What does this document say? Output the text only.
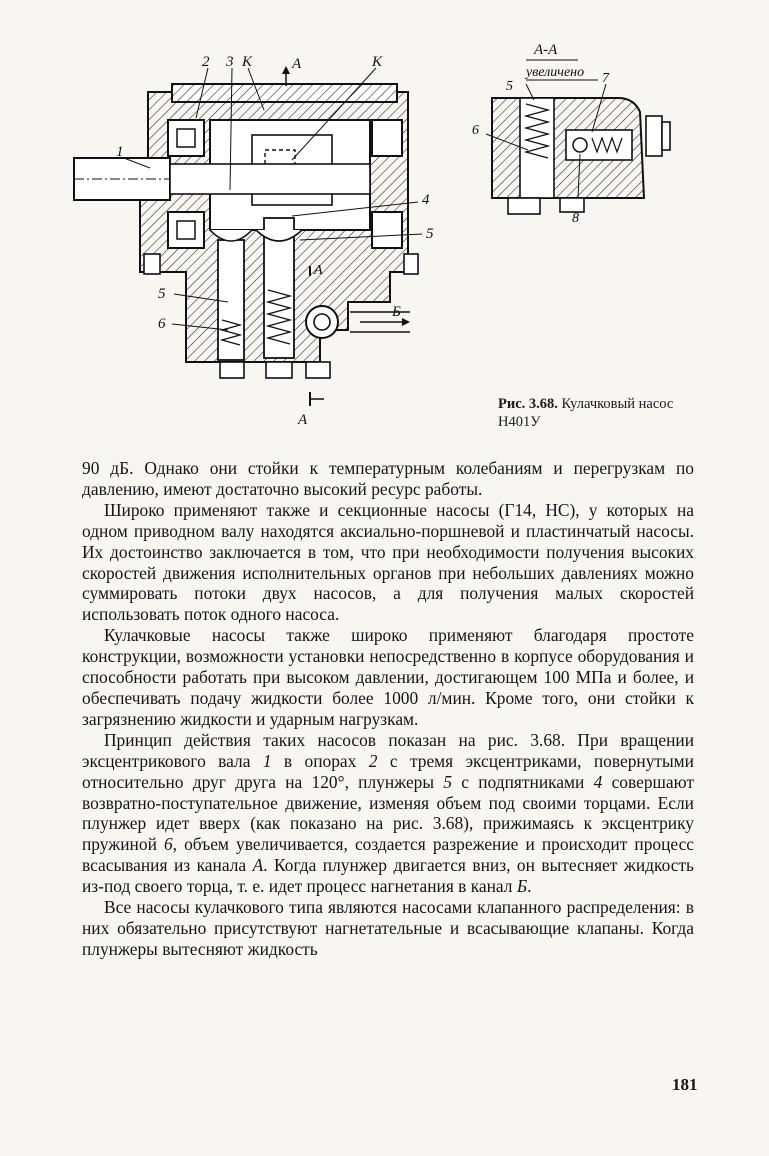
1
2 3 К	А	К
4
5
5
6
А
Б
А
А-А
увеличено
5
7
6
8
Рис. 3.68. Кулачковый насос Н401У

90 дБ. Однако они стойки к температурным колебаниям и перегрузкам по давлению, имеют достаточно высокий ресурс работы.

Широко применяют также и секционные насосы (Г14, НС), у которых на одном приводном валу находятся аксиально-поршневой и пластинчатый насосы. Их достоинство заключается в том, что при необходимости получения высоких скоростей движения исполнительных органов при небольших давлениях можно суммировать потоки двух насосов, а для получения малых скоростей использовать поток одного насоса.

Кулачковые насосы также широко применяют благодаря простоте конструкции, возможности установки непосредственно в корпусе оборудования и способности работать при высоком давлении, достигающем 100 МПа и более, и обеспечивать подачу жидкости более 1000 л/мин. Кроме того, они стойки к загрязнению жидкости и ударным нагрузкам.

Принцип действия таких насосов показан на рис. 3.68. При вращении эксцентрикового вала 1 в опорах 2 с тремя эксцентриками, повернутыми относительно друг друга на 120°, плунжеры 5 с подпятниками 4 совершают возвратно-поступательное движение, изменяя объем под своими торцами. Если плунжер идет вверх (как показано на рис. 3.68), прижимаясь к эксцентрику пружиной 6, объем увеличивается, создается разрежение и происходит процесс всасывания из канала А. Когда плунжер двигается вниз, он вытесняет жидкость из-под своего торца, т. е. идет процесс нагнетания в канал Б.

Все насосы кулачкового типа являются насосами клапанного распределения: в них обязательно присутствуют нагнетательные и всасывающие клапаны. Когда плунжеры вытесняют жидкость

181
